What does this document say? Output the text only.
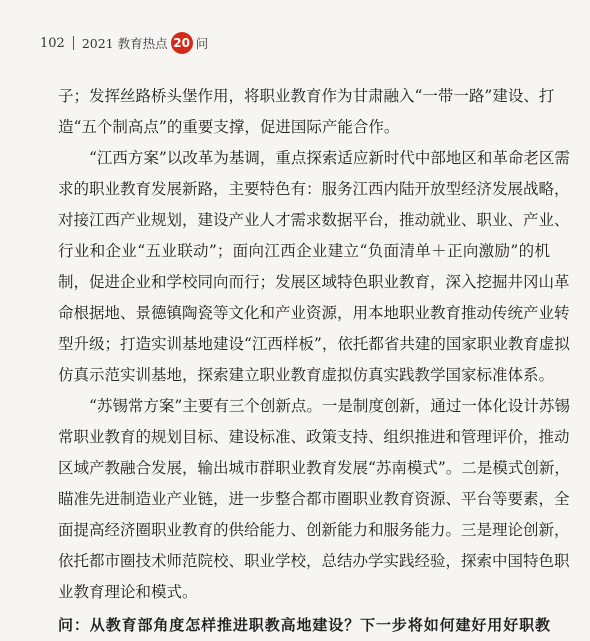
102 2021 教育热点 20 问
子；发挥丝路桥头堡作用，将职业教育作为甘肃融入“一带一路”建设、打
造“五个制高点”的重要支撑，促进国际产能合作。
“江西方案”以改革为基调，重点探索适应新时代中部地区和革命老区需
求的职业教育发展新路，主要特色有：服务江西内陆开放型经济发展战略，
对接江西产业规划，建设产业人才需求数据平台，推动就业、职业、产业、
行业和企业“五业联动”；面向江西企业建立“负面清单＋正向激励”的机
制，促进企业和学校同向而行；发展区域特色职业教育，深入挖掘井冈山革
命根据地、景德镇陶瓷等文化和产业资源，用本地职业教育推动传统产业转
型升级；打造实训基地建设“江西样板”，依托都省共建的国家职业教育虚拟
仿真示范实训基地，探索建立职业教育虚拟仿真实践教学国家标准体系。
“苏锡常方案”主要有三个创新点。一是制度创新，通过一体化设计苏锡
常职业教育的规划目标、建设标准、政策支持、组织推进和管理评价，推动
区域产教融合发展，输出城市群职业教育发展“苏南模式”。二是模式创新，
瞄准先进制造业产业链，进一步整合都市圈职业教育资源、平台等要素，全
面提高经济圈职业教育的供给能力、创新能力和服务能力。三是理论创新，
依托都市圈技术师范院校、职业学校，总结办学实践经验，探索中国特色职
业教育理论和模式。
问：从教育部角度怎样推进职教高地建设？下一步将如何建好用好职教
